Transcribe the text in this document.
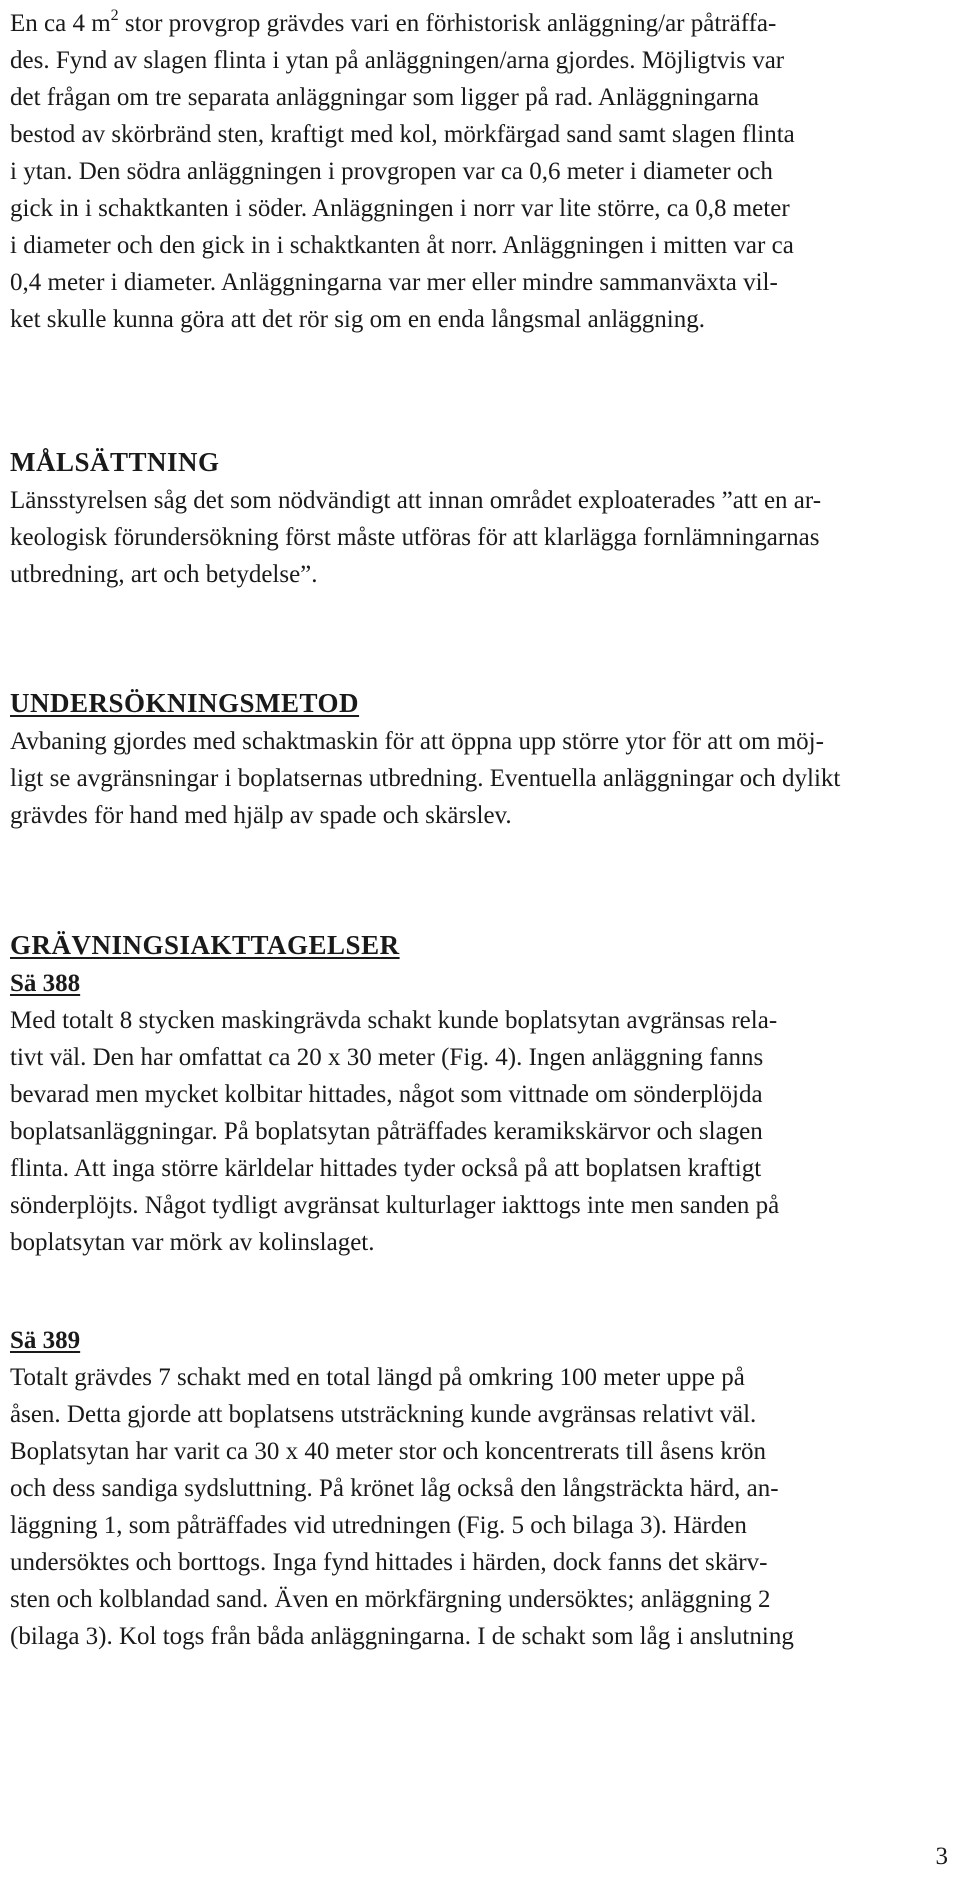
En ca 4 $m^2$ stor provgrop grävdes vari en förhistorisk anläggning/ar påträffa-
des. Fynd av slagen flinta i ytan på anläggningen/arna gjordes. Möjligtvis var
det frågan om tre separata anläggningar som ligger på rad. Anläggningarna
bestod av skörbränd sten, kraftigt med kol, mörkfärgad sand samt slagen flinta
i ytan. Den södra anläggningen i provgropen var ca 0,6 meter i diameter och
gick in i schaktkanten i söder. Anläggningen i norr var lite större, ca 0,8 meter
i diameter och den gick in i schaktkanten åt norr. Anläggningen i mitten var ca
0,4 meter i diameter. Anläggningarna var mer eller mindre sammanväxta vil-
ket skulle kunna göra att det rör sig om en enda långsmal anläggning.
MÅLSÄTTNING
Länsstyrelsen såg det som nödvändigt att innan området exploaterades ”att en ar-
keologisk förundersökning först måste utföras för att klarlägga fornlämningarnas
utbredning, art och betydelse”.
UNDERSÖKNINGSMETOD
Avbaning gjordes med schaktmaskin för att öppna upp större ytor för att om möj-
ligt se avgränsningar i boplatsernas utbredning. Eventuella anläggningar och dylikt
grävdes för hand med hjälp av spade och skärslev.
GRÄVNINGSIAKTTAGELSER
Sä 388
Med totalt 8 stycken maskingrävda schakt kunde boplatsytan avgränsas rela-
tivt väl. Den har omfattat ca 20 x 30 meter (Fig. 4). Ingen anläggning fanns
bevarad men mycket kolbitar hittades, något som vittnade om sönderplöjda
boplatsanläggningar. På boplatsytan påträffades keramikskärvor och slagen
flinta. Att inga större kärldelar hittades tyder också på att boplatsen kraftigt
sönderplöjts. Något tydligt avgränsat kulturlager iakttogs inte men sanden på
boplatsytan var mörk av kolinslaget.
Sä 389
Totalt grävdes 7 schakt med en total längd på omkring 100 meter uppe på
åsen. Detta gjorde att boplatsens utsträckning kunde avgränsas relativt väl.
Boplatsytan har varit ca 30 x 40 meter stor och koncentrerats till åsens krön
och dess sandiga sydsluttning. På krönet låg också den långsträckta härd, an-
läggning 1, som påträffades vid utredningen (Fig. 5 och bilaga 3). Härden
undersöktes och borttogs. Inga fynd hittades i härden, dock fanns det skärv-
sten och kolblandad sand. Även en mörkfärgning undersöktes; anläggning 2
(bilaga 3). Kol togs från båda anläggningarna. I de schakt som låg i anslutning
3
